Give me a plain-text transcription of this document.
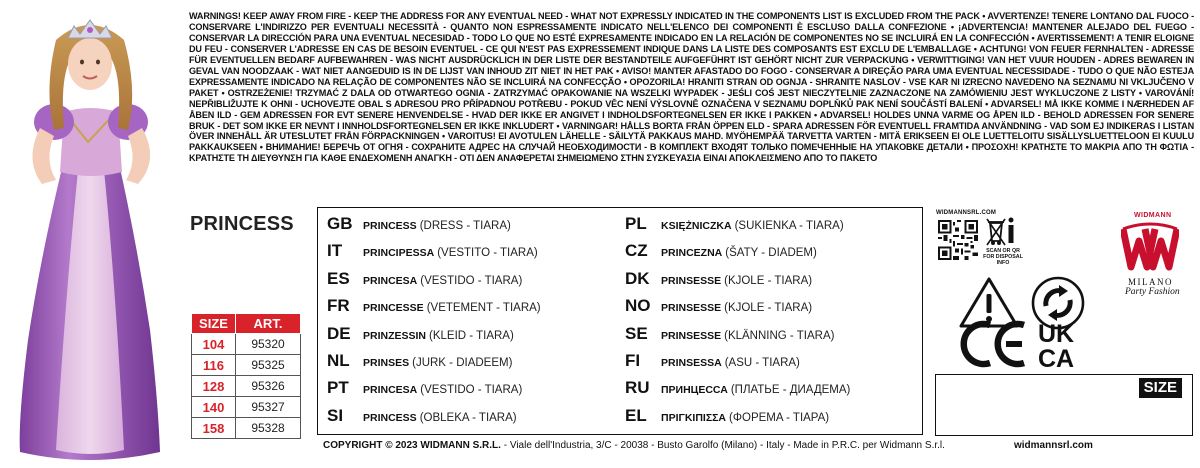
WARNINGS! KEEP AWAY FROM FIRE - KEEP THE ADDRESS FOR ANY EVENTUAL NEED - WHAT NOT EXPRESSLY INDICATED IN THE COMPONENTS LIST IS EXCLUDED FROM THE PACK • AVVERTENZE! TENERE LONTANO DAL FUOCO - CONSERVARE L'INDIRIZZO PER EVENTUALI NECESSITÀ - QUANTO NON ESPRESSAMENTE INDICATO NELL'ELENCO DEI COMPONENTI È ESCLUSO DALLA CONFEZIONE • ¡ADVERTENCIA! MANTENER ALEJADO DEL FUEGO - CONSERVAR LA DIRECCIÓN PARA UNA EVENTUAL NECESIDAD - TODO LO QUE NO ESTÉ EXPRESAMENTE INDICADO EN LA RELACIÓN DE COMPONENTES NO SE INCLUIRÁ EN LA CONFECCIÓN • AVERTISSEMENT! A TENIR ELOIGNE DU FEU - CONSERVER L'ADRESSE EN CAS DE BESOIN EVENTUEL - CE QUI N'EST PAS EXPRESSEMENT INDIQUE DANS LA LISTE DES COMPOSANTS EST EXCLU DE L'EMBALLAGE • ACHTUNG! VON FEUER FERNHALTEN - ADRESSE FÜR EVENTUELLEN BEDARF AUFBEWAHREN - WAS NICHT AUSDRÜCKLICH IN DER LISTE DER BESTANDTEILE AUFGEFÜHRT IST GEHÖRT NICHT ZUR VERPACKUNG • VERWITTIGING! VAN HET VUUR HOUDEN - ADRES BEWAREN IN GEVAL VAN NOODZAAK - WAT NIET AANGEDUID IS IN DE LIJST VAN INHOUD ZIT NIET IN HET PAK • AVISO! MANTER AFASTADO DO FOGO - CONSERVAR A DIREÇÃO PARA UMA EVENTUAL NECESSIDADE - TUDO O QUE NÃO ESTEJA EXPRESSAMENTE INDICADO NA RELAÇÃO DE COMPONENTES NÃO SE INCLUIRÁ NA CONFECÇÃO • OPOZORILA! HRANITI STRAN OD OGNJA - SHRANITE NASLOV - VSE KAR NI IZRECNO NAVEDENO NA SEZNAMU NI VKLJUČENO V PAKET • OSTRZEŻENIE! TRZYMAĆ Z DALA OD OTWARTEGO OGNIA - ZATRZYMAĆ OPAKOWANIE NA WSZELKI WYPADEK - JEŚLI COŚ JEST NIECZYTELNIE ZAZNACZONE NA ZAMÓWIENIU JEST WYKLUCZONE Z LISTY • VAROVÁNÍ! NEPŘIBLIŽUJTE K OHNI - UCHOVEJTE OBAL S ADRESOU PRO PŘÍPADNOU POTŘEBU - POKUD VĚC NENÍ VÝSLOVNĚ OZNAČENA V SEZNAMU DOPLŇKŮ PAK NENÍ SOUČÁSTÍ BALENÍ • ADVARSEL! MÅ IKKE KOMME I NÆRHEDEN AF ÅBEN ILD - GEM ADRESSEN FOR EVT SENERE HENVENDELSE - HVAD DER IKKE ER ANGIVET I INDHOLDSFORTEGNELSEN ER IKKE I PAKKEN • ADVARSEL! HOLDES UNNA VARME OG ÅPEN ILD - BEHOLD ADRESSEN FOR SENERE BRUK - DET SOM IKKE ER NEVNT I INNHOLDSFORTEGNELSEN ER IKKE INKLUDERT • VARNINGAR! HÅLLS BORTA FRÅN ÖPPEN ELD - SPARA ADRESSEN FÖR EVENTUELL FRAMTIDA ANVÄNDNING - VAD SOM EJ INDIKERAS I LISTAN ÖVER INNEHÅLL ÄR UTESLUTET FRÅN FÖRPACKNINGEN • VAROITUS! EI AVOTULEN LÄHELLE - SÄILYTÄ PAKKAUS MAHD. MYÖHEMPÄÄ TARVETTA VARTEN - MITÄ ERIKSEEN EI OLE LUETTELOITU SISÄLLYSLUETTELOON EI KUULU PAKKAUKSEEN • ВНИМАНИЕ! БЕРЕЧЬ ОТ ОГНЯ - СОХРАНИТЕ АДРЕС НА СЛУЧАЙ НЕОБХОДИМОСТИ - В КОМПЛЕКТ ВХОДЯТ ТОЛЬКО ПОМЕЧЕННЫЕ НА УПАКОВКЕ ДЕТАЛИ • ΠΡΟΣΟΧΗ! ΚΡΑΤΗΣΤΕ ΤΟ ΜΑΚΡΙΑ ΑΠΟ ΤΗ ΦΩΤΙΑ - ΚΡΑΤΗΣΤΕ ΤΗ ΔΙΕΥΘΥΝΣΗ ΓΙΑ ΚΑΘΕ ΕΝΔΕΧΟΜΕΝΗ ΑΝΑΓΚΗ - ΟΤΙ ΔΕΝ ΑΝΑΦΕΡΕΤΑΙ ΣΗΜΕΙΩΜΕΝΟ ΣΤΗΝ ΣΥΣΚΕΥΑΣΙΑ ΕΙΝΑΙ ΑΠΟΚΛΕΙΣΜΕΝΟ ΑΠΟ ΤΟ ΠΑΚΕΤΟ
PRINCESS
SIZE	ART.
104	95320
116	95325
128	95326
140	95327
158	95328
GB	PRINCESS (DRESS - TIARA)
IT	PRINCIPESSA (VESTITO - TIARA)
ES	PRINCESA (VESTIDO - TIARA)
FR	PRINCESSE (VETEMENT - TIARA)
DE	PRINZESSIN (KLEID - TIARA)
NL	PRINSES (JURK - DIADEEM)
PT	PRINCESA (VESTIDO - TIARA)
SI	PRINCESS (OBLEKA - TIARA)
PL	KSIĘŻNICZKA (SUKIENKA - TIARA)
CZ	PRINCEZNA (ŠATY - DIADEM)
DK	PRINSESSE (KJOLE - TIARA)
NO	PRINSESSE (KJOLE - TIARA)
SE	PRINSESSE (KLÄNNING - TIARA)
FI	PRINSESSA (ASU - TIARA)
RU	ПРИНЦЕССА (ПЛАТЬЕ - ДИАДЕМА)
EL	ΠΡΙΓΚΙΠΙΣΣΑ (ΦΟΡΕΜΑ - ΤΙΑΡΑ)
WIDMANNSRL.COM
SCAN OR QR FOR DISPOSAL INFO
WIDMANN
MILANO
Party Fashion
UK
CA
SIZE
COPYRIGHT © 2023 WIDMANN S.R.L. - Viale dell'Industria, 3/C - 20038 - Busto Garolfo (Milano) - Italy - Made in P.R.C. per Widmann S.r.l.	widmannsrl.com
